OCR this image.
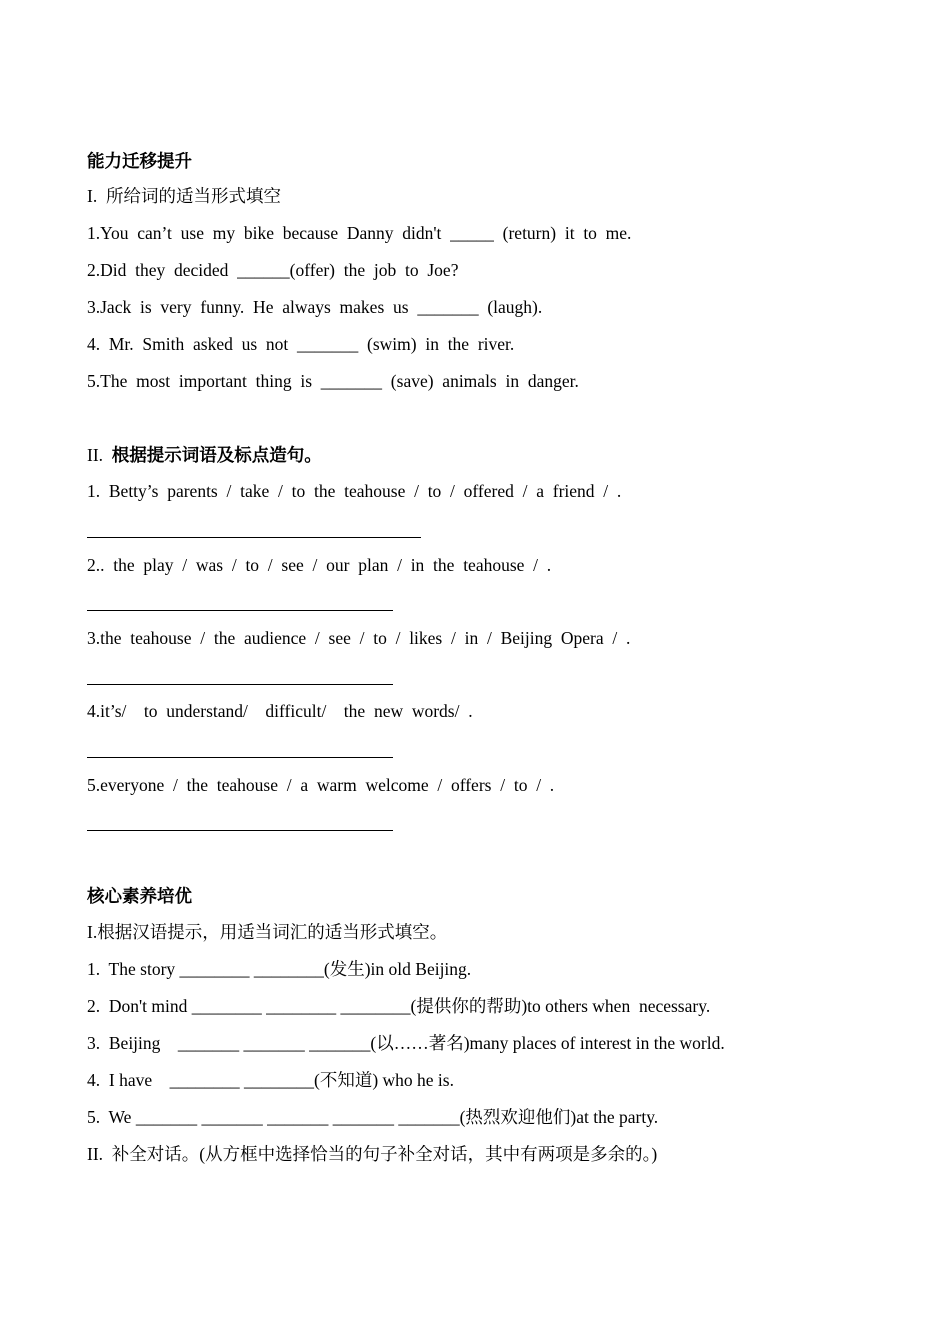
能力迁移提升
I.  所给词的适当形式填空
1.You  can’t  use  my  bike  because  Danny  didn't  _____  (return)  it  to  me.
2.Did  they  decided  ______(offer)  the  job  to  Joe?
3.Jack  is  very  funny.  He  always  makes  us  _______  (laugh).
4.  Mr.  Smith  asked  us  not  _______  (swim)  in  the  river.
5.The  most  important  thing  is  _______  (save)  animals  in  danger.
II.  根据提示词语及标点造句。
1.  Betty’s  parents  /  take  /  to  the  teahouse  /  to  /  offered  /  a  friend  /  .
2..  the  play  /  was  /  to  /  see  /  our  plan  /  in  the  teahouse  /  .
3.the  teahouse  /  the  audience  /  see  /  to  /  likes  /  in  /  Beijing  Opera  /  .
4.it’s/    to  understand/    difficult/    the  new  words/  .
5.everyone  /  the  teahouse  /  a  warm  welcome  /  offers  /  to  /  .
核心素养培优
I.根据汉语提示，用适当词汇的适当形式填空。
1.  The story ________ ________(发生)in old Beijing.
2.  Don't mind ________ ________ ________(提供你的帮助)to others when  necessary.
3.  Beijing    _______ _______ _______(以……著名)many places of interest in the world.
4.  I have    ________ ________(不知道) who he is.
5.  We _______ _______ _______ _______ _______(热烈欢迎他们)at the party.
II.  补全对话。(从方框中选择恰当的句子补全对话，其中有两项是多余的。)
